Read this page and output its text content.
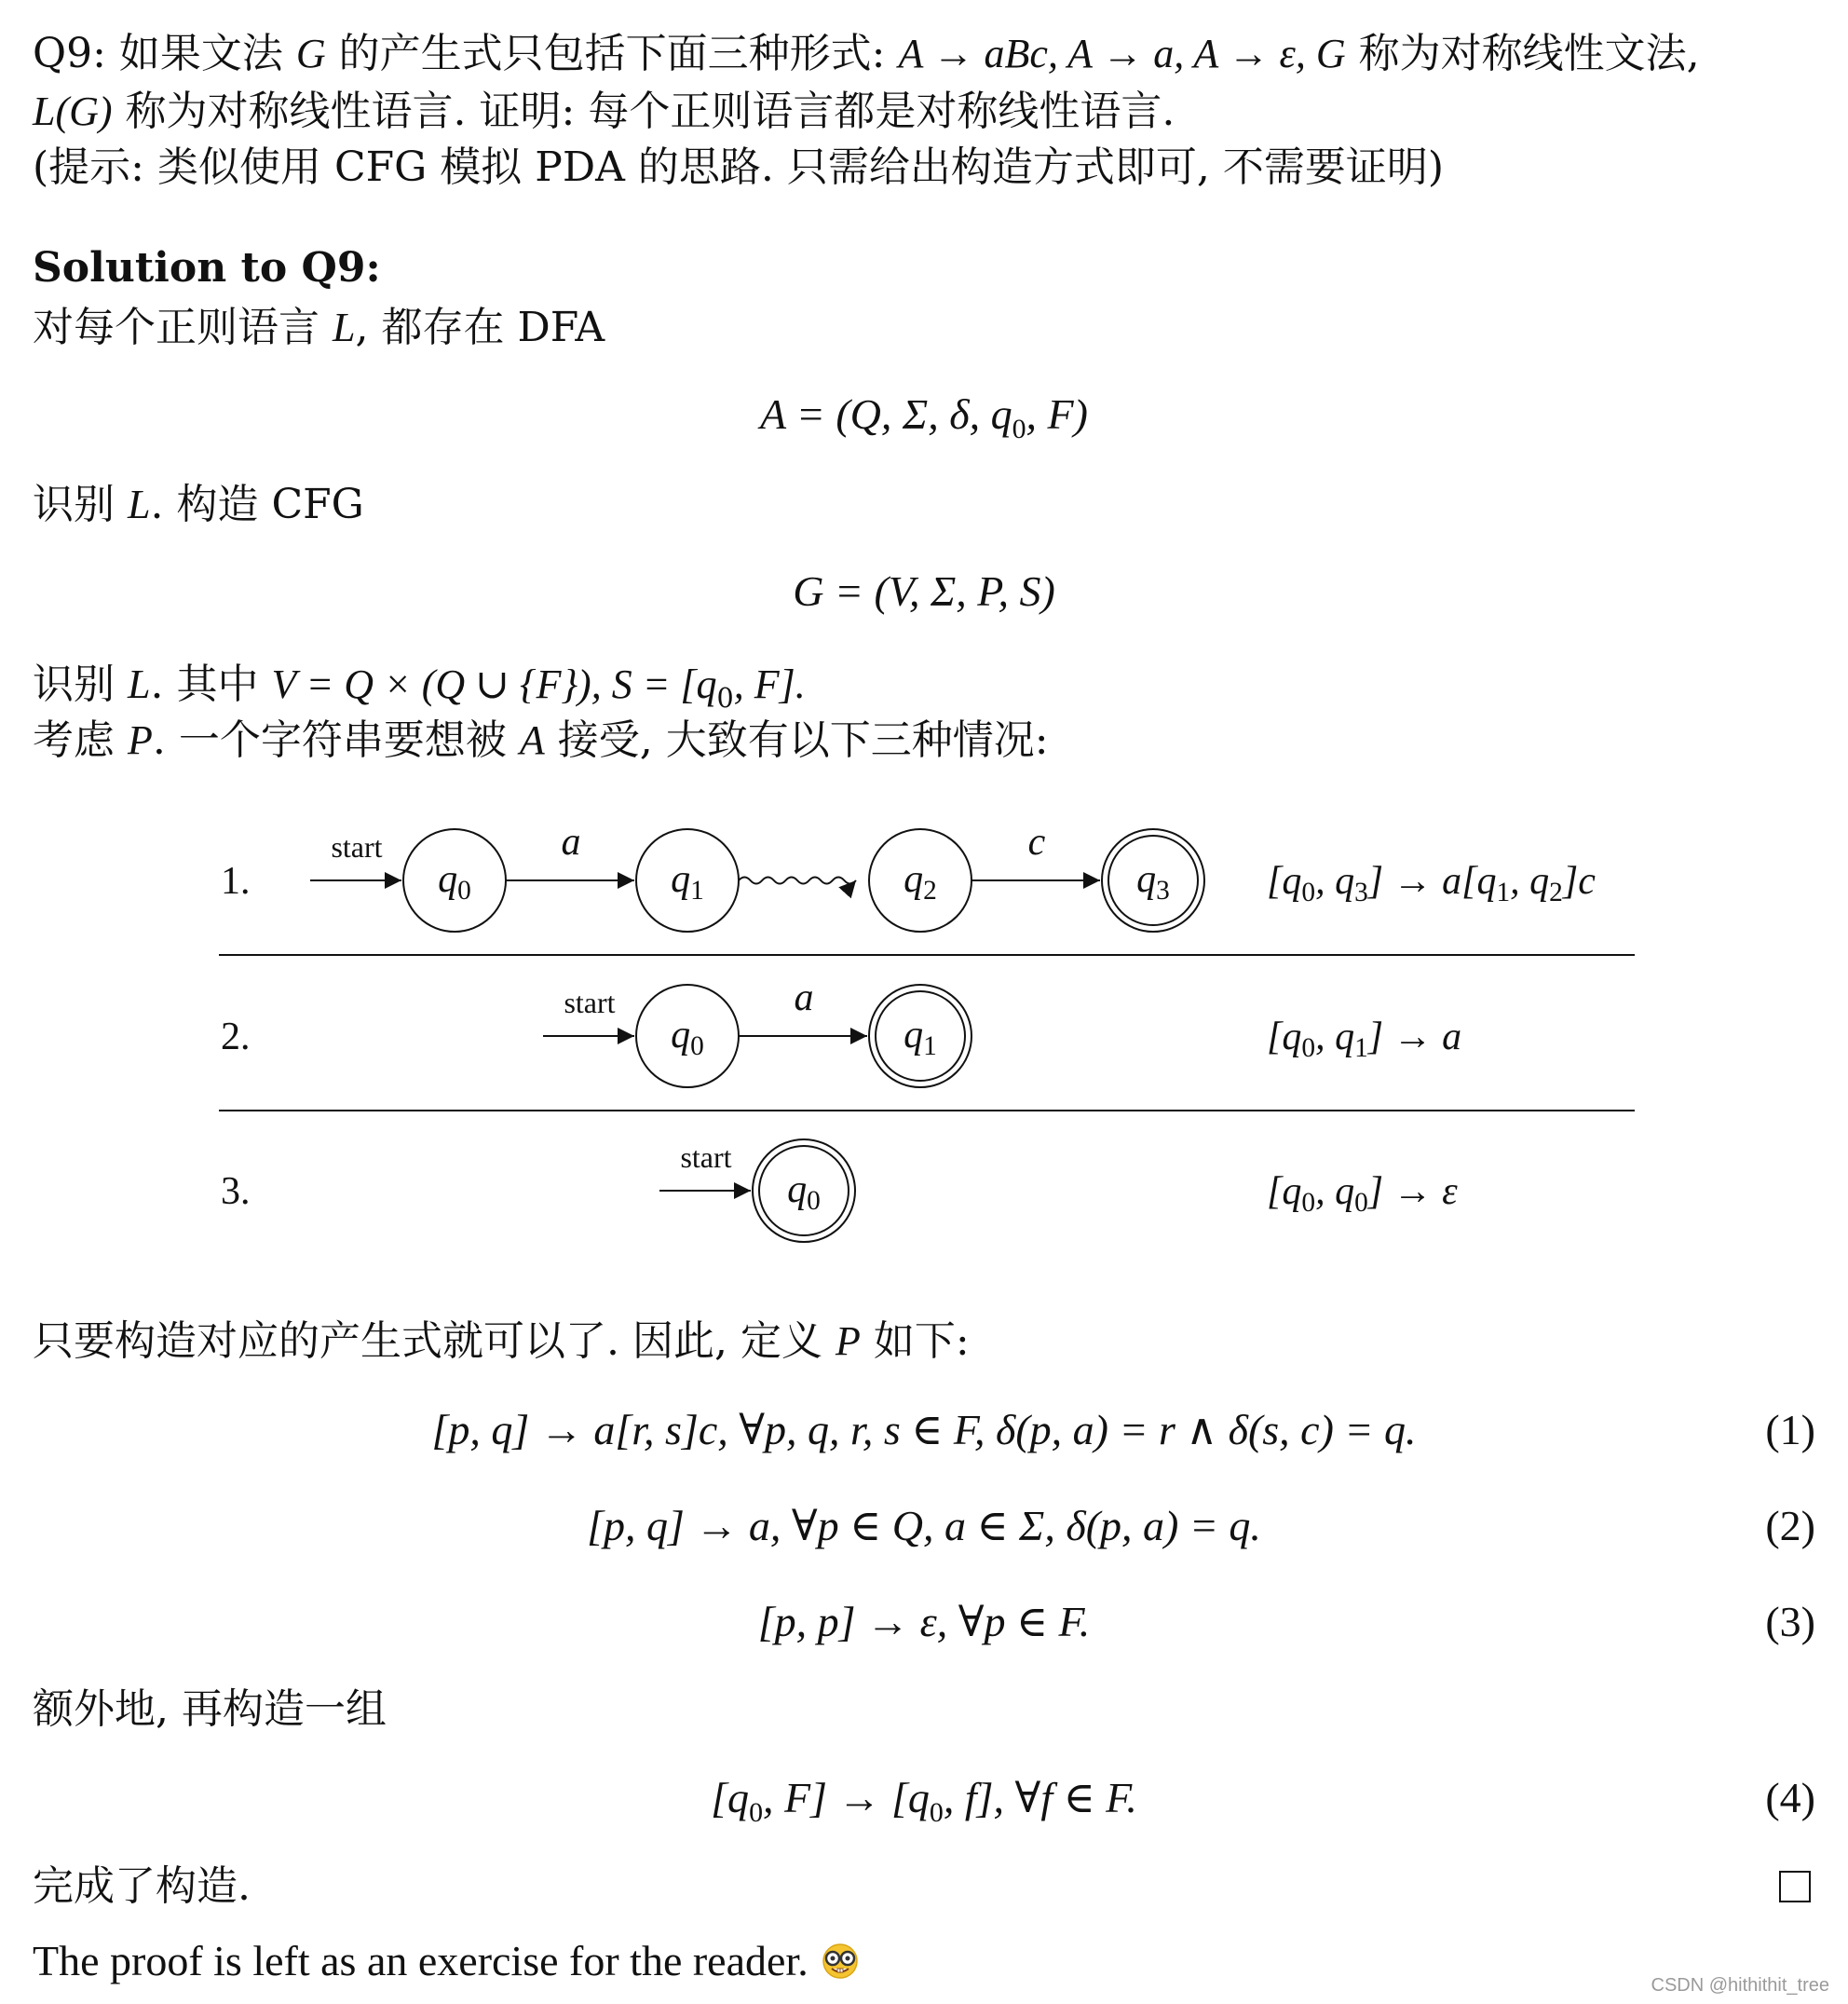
Q9: 如果文法 G 的产生式只包括下面三种形式: A → aBc, A → a, A → ε, G 称为对称线性文法,
L(G) 称为对称线性语言. 证明: 每个正则语言都是对称线性语言.
(提示: 类似使用 CFG 模拟 PDA 的思路. 只需给出构造方式即可, 不需要证明)
Solution to Q9:
对每个正则语言 L, 都存在 DFA
A = (Q, Σ, δ, $q_0$, F)
识别 L. 构造 CFG
G = (V, Σ, P, S)
识别 L. 其中 V = Q × (Q ∪ {F}), $S = [q_0$, F].
考虑 P. 一个字符串要想被 A 接受, 大致有以下三种情况:
1.
start
q0	q1	q2	q3
a	c
[q0, q3] → a[q1, q2]c
2.
start
q0	q1
a
[q0, q1] → a
3.
start
q0	[q0, q0] → ε
只要构造对应的产生式就可以了. 因此, 定义 P 如下:
[p, q] → a[r, s]c, ∀p, q, r, s ∈ F, δ(p, a) = r ∧ δ(s, c) = q.	(1)
[p, q] → a, ∀p ∈ Q, a ∈ Σ, δ(p, a) = q.	(2)
[p, p] → ε, ∀p ∈ F.	(3)
额外地, 再构造一组
[$q_0$, $F] \to [q_0$, f], ∀f ∈ F.	(4)
完成了构造.
The proof is left as an exercise for the reader.
CSDN @hithithit_tree
